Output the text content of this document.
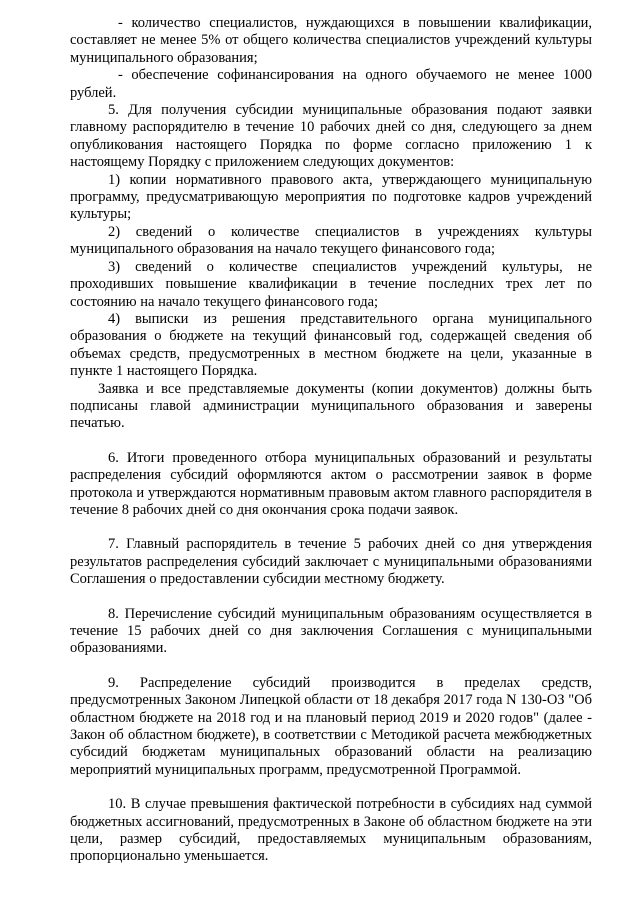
- количество специалистов, нуждающихся в повышении квалификации, составляет не менее 5% от общего количества специалистов учреждений культуры муниципального образования;

- обеспечение софинансирования на одного обучаемого не менее 1000 рублей.

5. Для получения субсидии муниципальные образования подают заявки главному распорядителю в течение 10 рабочих дней со дня, следующего за днем опубликования настоящего Порядка по форме согласно приложению 1 к настоящему Порядку с приложением следующих документов:

1) копии нормативного правового акта, утверждающего муниципальную программу, предусматривающую мероприятия по подготовке кадров учреждений культуры;

2) сведений о количестве специалистов в учреждениях культуры муниципального образования на начало текущего финансового года;

3) сведений о количестве специалистов учреждений культуры, не проходивших повышение квалификации в течение последних трех лет по состоянию на начало текущего финансового года;

4) выписки из решения представительного органа муниципального образования о бюджете на текущий финансовый год, содержащей сведения об объемах средств, предусмотренных в местном бюджете на цели, указанные в пункте 1 настоящего Порядка.

Заявка и все представляемые документы (копии документов) должны быть подписаны главой администрации муниципального образования и заверены печатью.

6. Итоги проведенного отбора муниципальных образований и результаты распределения субсидий оформляются актом о рассмотрении заявок в форме протокола и утверждаются нормативным правовым актом главного распорядителя в течение 8 рабочих дней со дня окончания срока подачи заявок.

7. Главный распорядитель в течение 5 рабочих дней со дня утверждения результатов распределения субсидий заключает с муниципальными образованиями Соглашения о предоставлении субсидии местному бюджету.

8. Перечисление субсидий муниципальным образованиям осуществляется в течение 15 рабочих дней со дня заключения Соглашения с муниципальными образованиями.

9. Распределение субсидий производится в пределах средств, предусмотренных Законом Липецкой области от 18 декабря 2017 года N 130-ОЗ "Об областном бюджете на 2018 год и на плановый период 2019 и 2020 годов" (далее - Закон об областном бюджете), в соответствии с Методикой расчета межбюджетных субсидий бюджетам муниципальных образований области на реализацию мероприятий муниципальных программ, предусмотренной Программой.

10. В случае превышения фактической потребности в субсидиях над суммой бюджетных ассигнований, предусмотренных в Законе об областном бюджете на эти цели, размер субсидий, предоставляемых муниципальным образованиям, пропорционально уменьшается.
